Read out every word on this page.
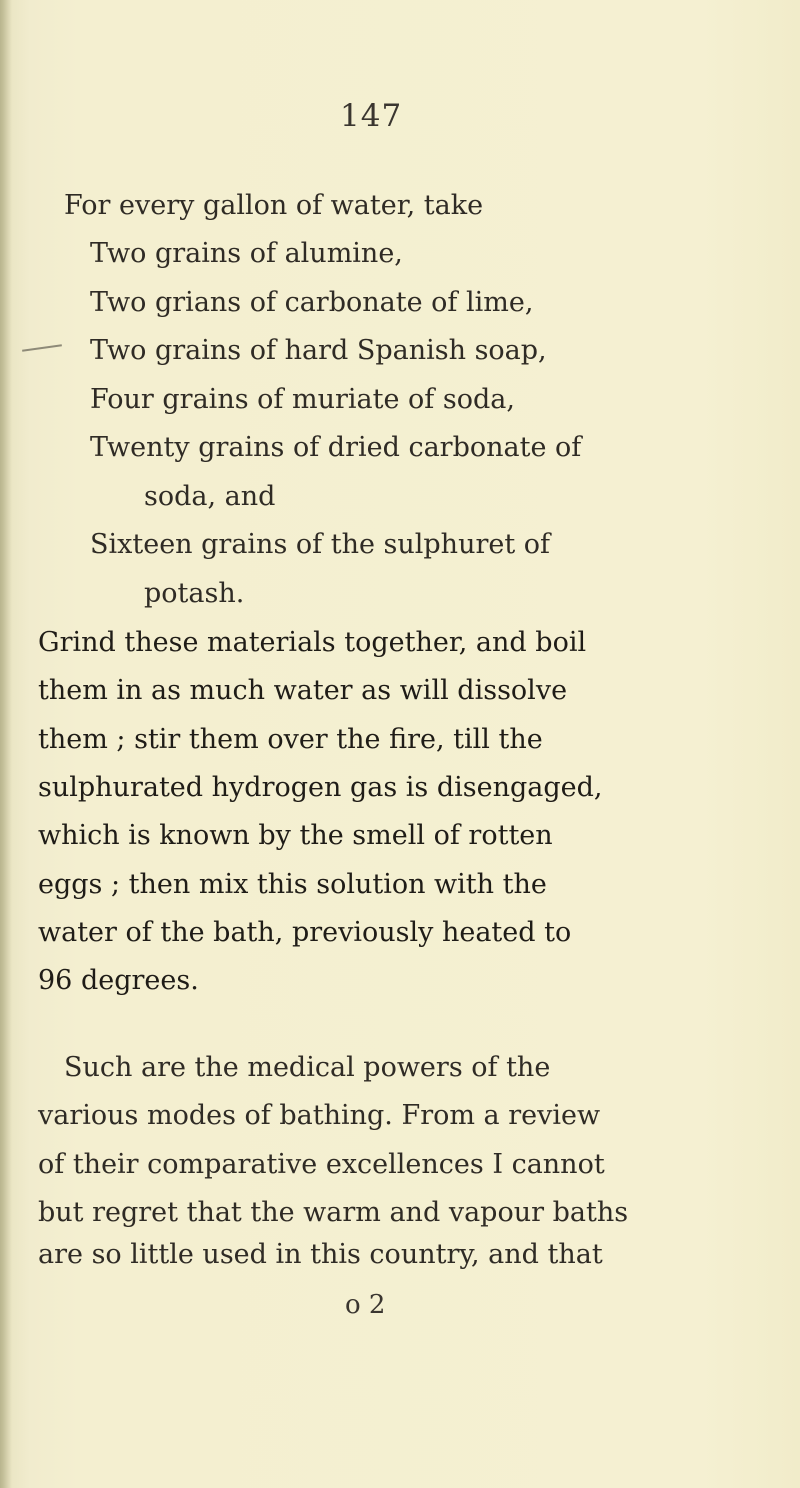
147
For every gallon of water, take
Two grains of alumine,
Two grians of carbonate of lime,
Two grains of hard Spanish soap,
Four grains of muriate of soda,
Twenty grains of dried carbonate of
soda, and
Sixteen grains of the sulphuret of
potash.
Grind these materials together, and boil
them in as much water as will dissolve
them ; stir them over the fire, till the
sulphurated hydrogen gas is disengaged,
which is known by the smell of rotten
eggs ; then mix this solution with the
water of the bath, previously heated to
96 degrees.
Such are the medical powers of the
various modes of bathing. From a review
of their comparative excellences I cannot
but regret that the warm and vapour baths
are so little used in this country, and that
o 2
